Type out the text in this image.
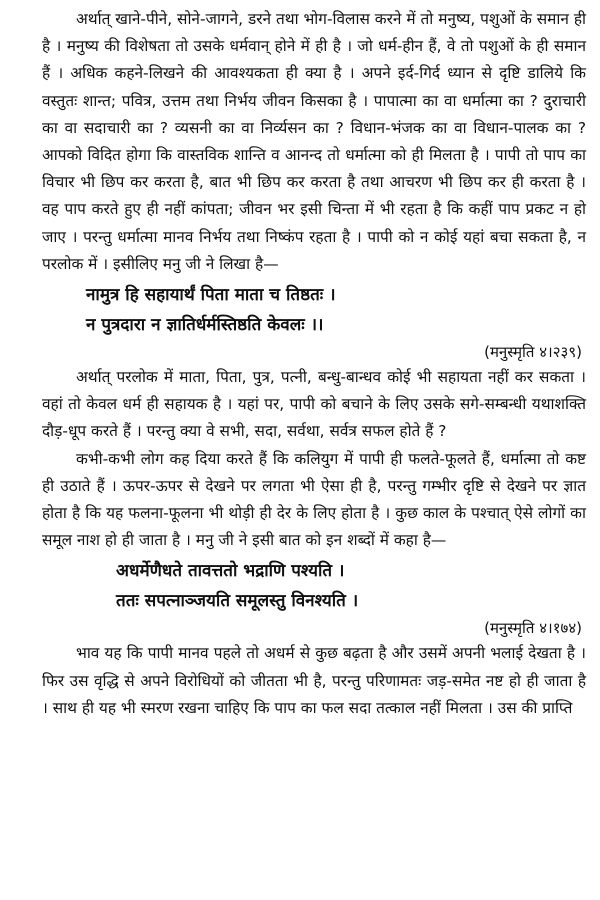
अर्थात् खाने-पीने, सोने-जागने, डरने तथा भोग-विलास करने में तो मनुष्य, पशुओं के समान ही है । मनुष्य की विशेषता तो उसके धर्मवान् होने में ही है । जो धर्म-हीन हैं, वे तो पशुओं के ही समान हैं । अधिक कहने-लिखने की आवश्यकता ही क्या है । अपने इर्द-गिर्द ध्यान से दृष्टि डालिये कि वस्तुतः शान्त; पवित्र, उत्तम तथा निर्भय जीवन किसका है । पापात्मा का वा धर्मात्मा का ? दुराचारी का वा सदाचारी का ? व्यसनी का वा निर्व्यसन का ? विधान-भंजक का वा विधान-पालक का ? आपको विदित होगा कि वास्तविक शान्ति व आनन्द तो धर्मात्मा को ही मिलता है । पापी तो पाप का विचार भी छिप कर करता है, बात भी छिप कर करता है तथा आचरण भी छिप कर ही करता है । वह पाप करते हुए ही नहीं कांपता; जीवन भर इसी चिन्ता में भी रहता है कि कहीं पाप प्रकट न हो जाए । परन्तु धर्मात्मा मानव निर्भय तथा निष्कंप रहता है । पापी को न कोई यहां बचा सकता है, न परलोक में । इसीलिए मनु जी ने लिखा है—

नामुत्र हि सहायार्थं पिता माता च तिष्ठतः ।
न पुत्रदारा न ज्ञातिर्धर्मस्तिष्ठति केवलः ।।

(मनुस्मृति ४।२३९)

अर्थात् परलोक में माता, पिता, पुत्र, पत्नी, बन्धु-बान्धव कोई भी सहायता नहीं कर सकता । वहां तो केवल धर्म ही सहायक है । यहां पर, पापी को बचाने के लिए उसके सगे-सम्बन्धी यथाशक्ति दौड़-धूप करते हैं । परन्तु क्या वे सभी, सदा, सर्वथा, सर्वत्र सफल होते हैं ?

कभी-कभी लोग कह दिया करते हैं कि कलियुग में पापी ही फलते-फूलते हैं, धर्मात्मा तो कष्ट ही उठाते हैं । ऊपर-ऊपर से देखने पर लगता भी ऐसा ही है, परन्तु गम्भीर दृष्टि से देखने पर ज्ञात होता है कि यह फलना-फूलना भी थोड़ी ही देर के लिए होता है । कुछ काल के पश्चात् ऐसे लोगों का समूल नाश हो ही जाता है । मनु जी ने इसी बात को इन शब्दों में कहा है—

अधर्मेणैधते तावत्ततो भद्राणि पश्यति ।
ततः सपत्नाञ्जयति समूलस्तु विनश्यति ।

(मनुस्मृति ४।१७४)

भाव यह कि पापी मानव पहले तो अधर्म से कुछ बढ़ता है और उसमें अपनी भलाई देखता है । फिर उस वृद्धि से अपने विरोधियों को जीतता भी है, परन्तु परिणामतः जड़-समेत नष्ट हो ही जाता है । साथ ही यह भी स्मरण रखना चाहिए कि पाप का फल सदा तत्काल नहीं मिलता । उस की प्राप्ति
